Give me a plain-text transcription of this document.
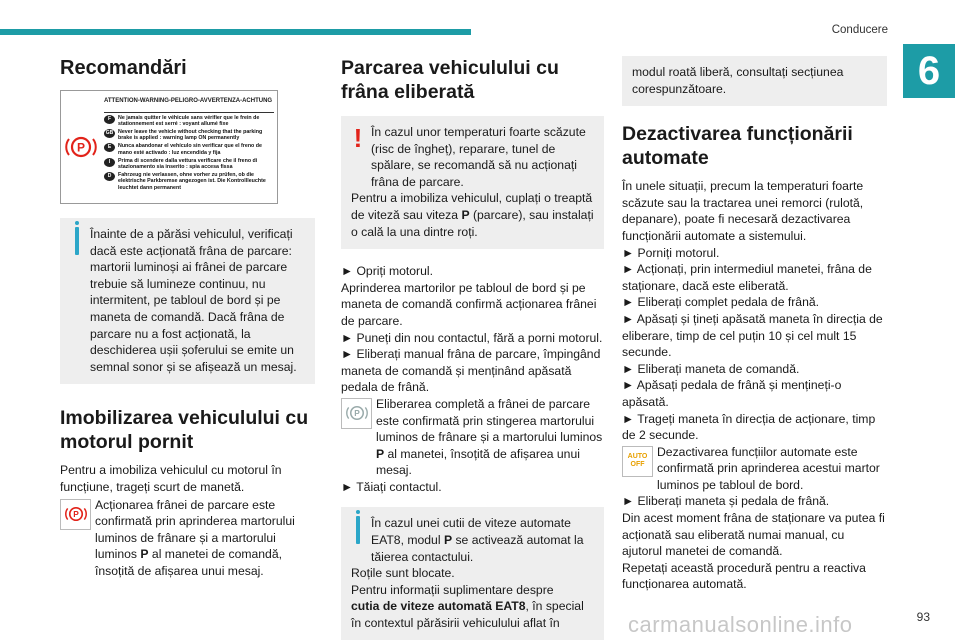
Conducere
6
Recomandări
P
ATTENTION-WARNING-PELIGRO-AVVERTENZA-ACHTUNG
F	Ne jamais quitter le véhicule sans vérifier que le frein de stationnement est serré : voyant allumé fixe
GB Never leave the vehicle without checking that the parking brake is applied : warning lamp ON permanently
E	Nunca abandonar el vehículo sin verificar que el freno de mano esté activado : luz encendida y fija
I	Prima di scendere dalla vettura verificare che il freno di stazionamento sia inserito : spia accesa fissa
D	Fahrzeug nie verlassen, ohne vorher zu prüfen, ob die elektrische Parkbremse angezogen ist. Die Kontrollleuchte leuchtet dann permanent

Înainte de a părăsi vehiculul, verificați dacă este acționată frâna de parcare: martorii luminoși ai frânei de parcare trebuie să lumineze continuu, nu intermitent, pe tabloul de bord și pe maneta de comandă. Dacă frâna de parcare nu a fost acționată, la deschiderea ușii șoferului se emite un semnal sonor și se afișează un mesaj.

Imobilizarea vehiculului cu motorul pornit

Pentru a imobiliza vehiculul cu motorul în funcțiune, trageți scurt de manetă.

P

Acționarea frânei de parcare este confirmată prin aprinderea martorului luminos de frânare și a martorului luminos P al manetei de comandă, însoțită de afișarea unui mesaj.

Parcarea vehiculului cu frâna eliberată
! În cazul unor temperaturi foarte scăzute (risc de îngheț), reparare, tunel de spălare, se recomandă să nu acționați frâna de parcare.

Pentru a imobiliza vehiculul, cuplați o treaptă de viteză sau viteza P (parcare), sau instalați o cală la una dintre roți.

► Opriți motorul.

Aprinderea martorilor pe tabloul de bord și pe maneta de comandă confirmă acționarea frânei de parcare.

► Puneți din nou contactul, fără a porni motorul.

► Eliberați manual frâna de parcare, împingând maneta de comandă și menținând apăsată pedala de frână.

P

Eliberarea completă a frânei de parcare este confirmată prin stingerea martorului luminos de frânare și a martorului luminos P al manetei, însoțită de afișarea unui mesaj.

► Tăiați contactul.

În cazul unei cutii de viteze automate EAT8, modul P se activează automat la tăierea contactului.

Roțile sunt blocate.

Pentru informații suplimentare despre

cutia de viteze automată EAT8, în special în contextul părăsirii vehiculului aflat în

modul roată liberă, consultați secțiunea corespunzătoare.

Dezactivarea funcționării automate

În unele situații, precum la temperaturi foarte scăzute sau la tractarea unei remorci (rulotă, depanare), poate fi necesară dezactivarea funcționării automate a sistemului.

► Porniți motorul.

► Acționați, prin intermediul manetei, frâna de staționare, dacă este eliberată.

► Eliberați complet pedala de frână.

► Apăsați și țineți apăsată maneta în direcția de eliberare, timp de cel puțin 10 și cel mult 15 secunde.

► Eliberați maneta de comandă.

► Apăsați pedala de frână și mențineți-o apăsată.

► Trageți maneta în direcția de acționare, timp de 2 secunde.

AUTO
OFF

Dezactivarea funcțiilor automate este confirmată prin aprinderea acestui martor luminos pe tabloul de bord.

► Eliberați maneta și pedala de frână.

Din acest moment frâna de staționare va putea fi acționată sau eliberată numai manual, cu ajutorul manetei de comandă.

Repetați această procedură pentru a reactiva funcționarea automată.

carmanualsonline.info	93
